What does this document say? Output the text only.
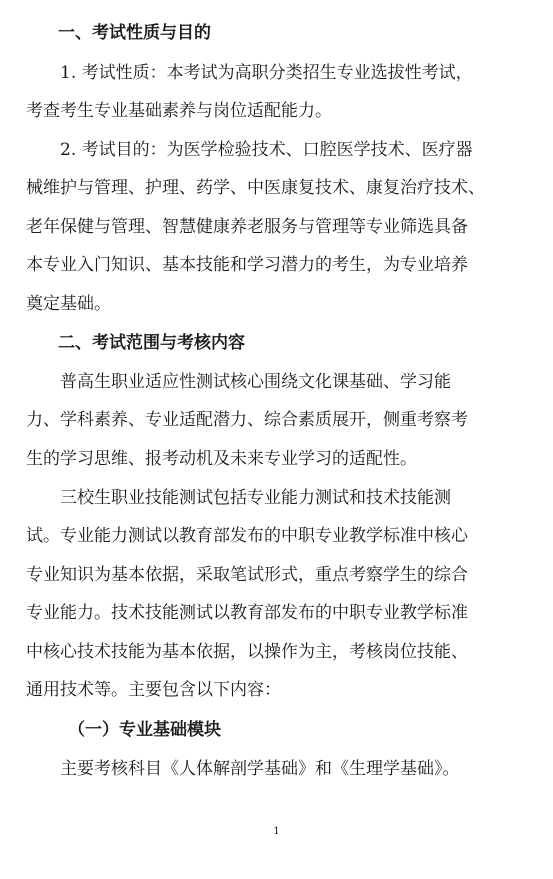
一、考试性质与目的
1. 考试性质：本考试为高职分类招生专业选拔性考试，
考查考生专业基础素养与岗位适配能力。
2. 考试目的：为医学检验技术、口腔医学技术、医疗器
械维护与管理、护理、药学、中医康复技术、康复治疗技术、
老年保健与管理、智慧健康养老服务与管理等专业筛选具备
本专业入门知识、基本技能和学习潜力的考生，为专业培养
奠定基础。
二、考试范围与考核内容
普高生职业适应性测试核心围绕文化课基础、学习能
力、学科素养、专业适配潜力、综合素质展开，侧重考察考
生的学习思维、报考动机及未来专业学习的适配性。
三校生职业技能测试包括专业能力测试和技术技能测
试。专业能力测试以教育部发布的中职专业教学标准中核心
专业知识为基本依据，采取笔试形式，重点考察学生的综合
专业能力。技术技能测试以教育部发布的中职专业教学标准
中核心技术技能为基本依据，以操作为主，考核岗位技能、
通用技术等。主要包含以下内容：
（一）专业基础模块
主要考核科目《人体解剖学基础》和《生理学基础》。
1
